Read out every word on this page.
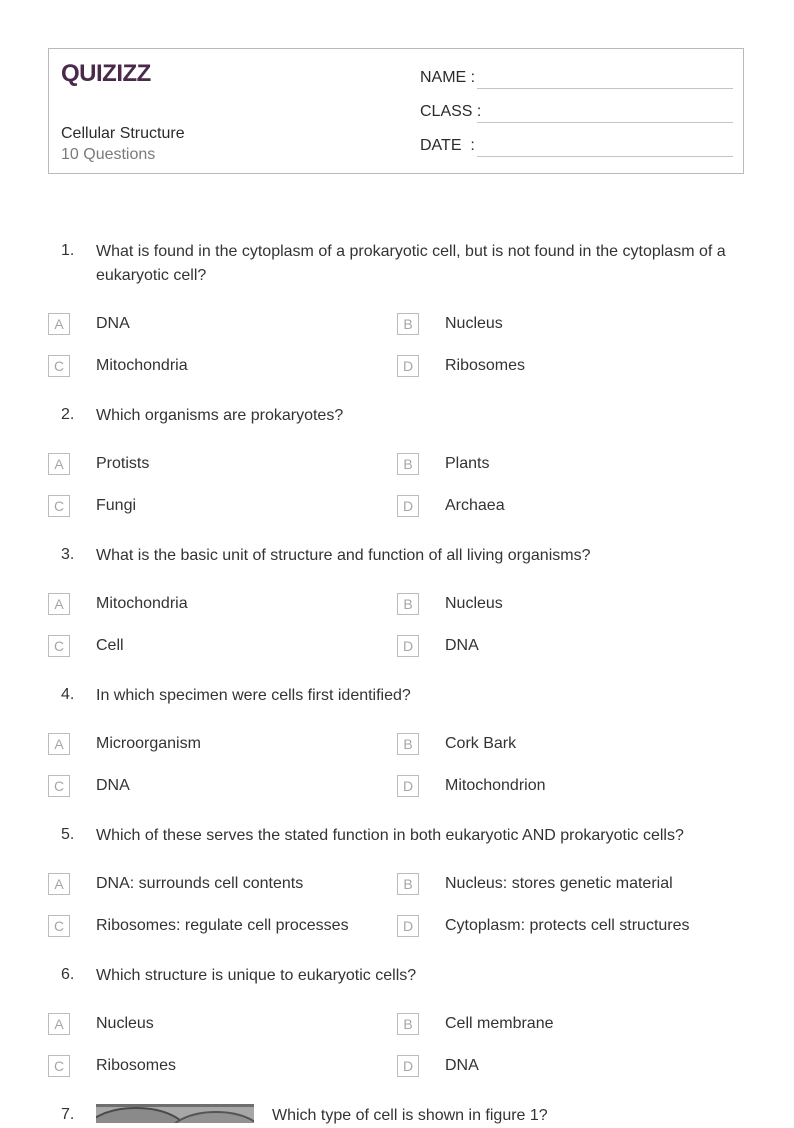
QUIZIZZ
Cellular Structure
10 Questions
NAME :
CLASS :
DATE  :
1. What is found in the cytoplasm of a prokaryotic cell, but is not found in the cytoplasm of a eukaryotic cell?
A	DNA	B	Nucleus
C	Mitochondria	D	Ribosomes
2. Which organisms are prokaryotes?
A	Protists	B	Plants
C	Fungi	D	Archaea
3. What is the basic unit of structure and function of all living organisms?
A	Mitochondria	B	Nucleus
C	Cell	D	DNA
4. In which specimen were cells first identified?
A	Microorganism	B	Cork Bark
C	DNA	D	Mitochondrion
5. Which of these serves the stated function in both eukaryotic AND prokaryotic cells?
A	DNA: surrounds cell contents	B	Nucleus: stores genetic material
C	Ribosomes: regulate cell processes	D	Cytoplasm: protects cell structures
6. Which structure is unique to eukaryotic cells?
A	Nucleus	B	Cell membrane
C	Ribosomes	D	DNA
7.	Which type of cell is shown in figure 1?
